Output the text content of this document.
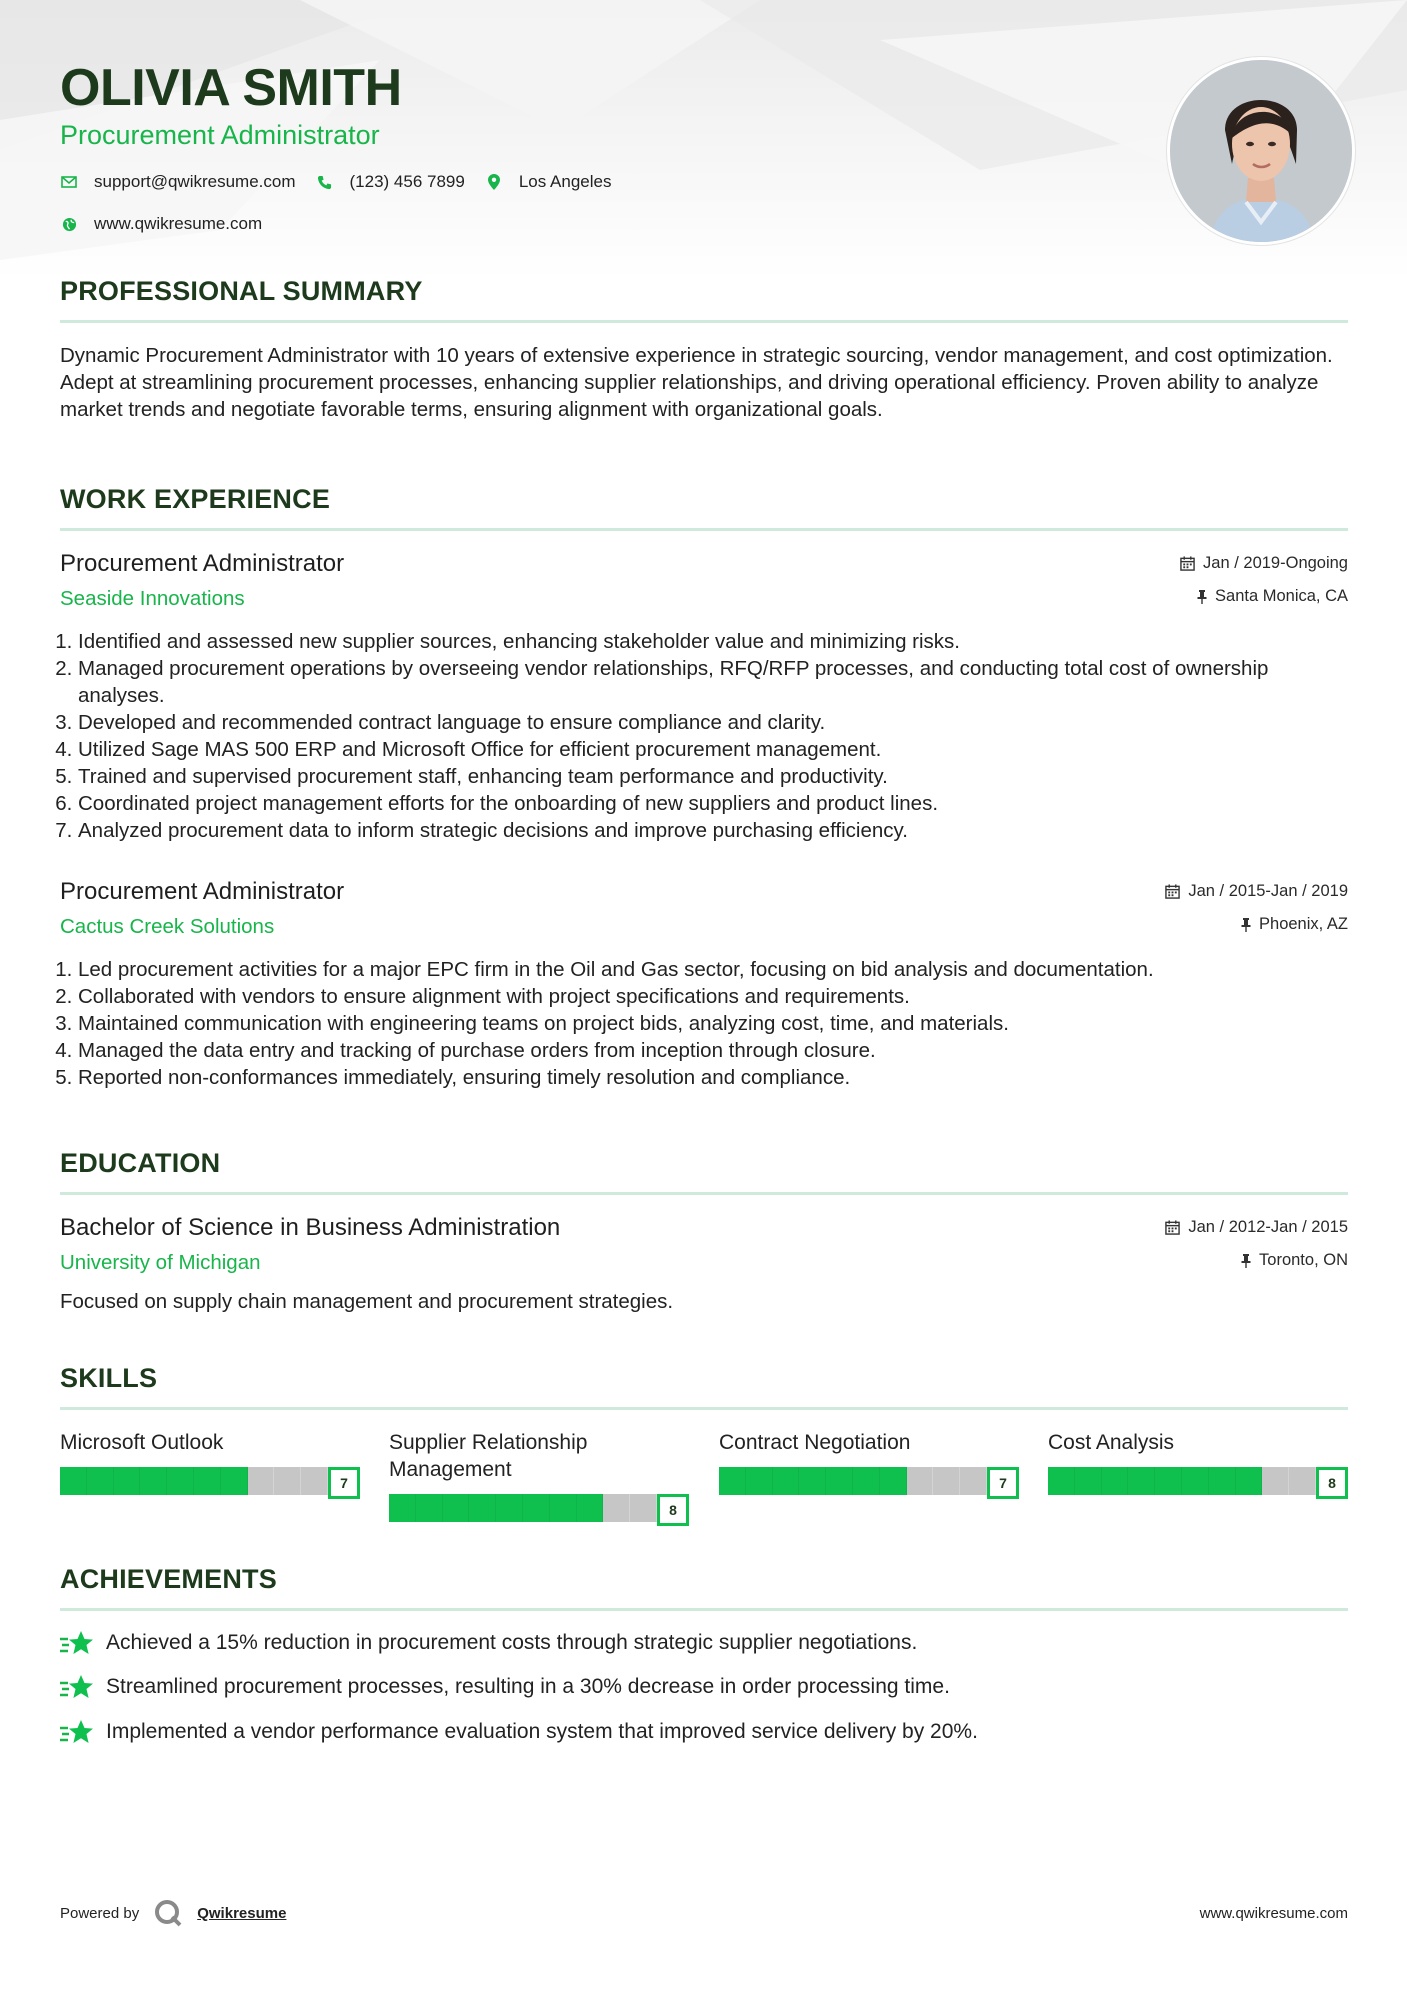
OLIVIA SMITH
Procurement Administrator
support@qwikresume.com	(123) 456 7899	Los Angeles
www.qwikresume.com
PROFESSIONAL SUMMARY
Dynamic Procurement Administrator with 10 years of extensive experience in strategic sourcing, vendor management, and cost optimization. Adept at streamlining procurement processes, enhancing supplier relationships, and driving operational efficiency. Proven ability to analyze market trends and negotiate favorable terms, ensuring alignment with organizational goals.
WORK EXPERIENCE
Procurement Administrator
Seaside Innovations
Jan / 2019-Ongoing
Santa Monica, CA
1. Identified and assessed new supplier sources, enhancing stakeholder value and minimizing risks.
2. Managed procurement operations by overseeing vendor relationships, RFQ/RFP processes, and conducting total cost of ownership analyses.
3. Developed and recommended contract language to ensure compliance and clarity.
4. Utilized Sage MAS 500 ERP and Microsoft Office for efficient procurement management.
5. Trained and supervised procurement staff, enhancing team performance and productivity.
6. Coordinated project management efforts for the onboarding of new suppliers and product lines.
7. Analyzed procurement data to inform strategic decisions and improve purchasing efficiency.
Procurement Administrator
Cactus Creek Solutions
Jan / 2015-Jan / 2019
Phoenix, AZ
1. Led procurement activities for a major EPC firm in the Oil and Gas sector, focusing on bid analysis and documentation.
2. Collaborated with vendors to ensure alignment with project specifications and requirements.
3. Maintained communication with engineering teams on project bids, analyzing cost, time, and materials.
4. Managed the data entry and tracking of purchase orders from inception through closure.
5. Reported non-conformances immediately, ensuring timely resolution and compliance.
EDUCATION
Bachelor of Science in Business Administration
University of Michigan
Jan / 2012-Jan / 2015
Toronto, ON
Focused on supply chain management and procurement strategies.
SKILLS
Microsoft Outlook
7
Supplier Relationship Management
8
Contract Negotiation
7
Cost Analysis
8
ACHIEVEMENTS
Achieved a 15% reduction in procurement costs through strategic supplier negotiations.
Streamlined procurement processes, resulting in a 30% decrease in order processing time.
Implemented a vendor performance evaluation system that improved service delivery by 20%.
Powered by	Qwikresume	www.qwikresume.com
